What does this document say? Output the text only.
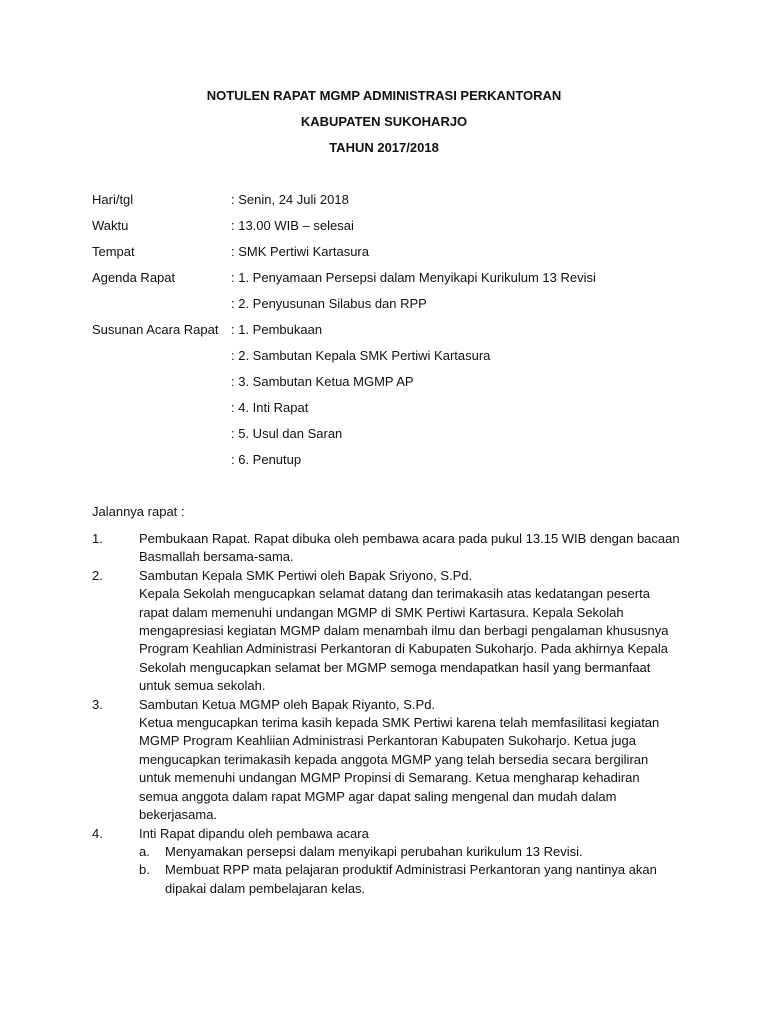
NOTULEN RAPAT MGMP ADMINISTRASI PERKANTORAN
KABUPATEN SUKOHARJO
TAHUN 2017/2018
Hari/tgl	: Senin, 24 Juli 2018
Waktu	: 13.00 WIB – selesai
Tempat	: SMK Pertiwi Kartasura
Agenda Rapat	: 1. Penyamaan Persepsi dalam Menyikapi Kurikulum 13 Revisi
: 2. Penyusunan Silabus dan RPP
Susunan Acara Rapat : 1. Pembukaan
: 2. Sambutan Kepala SMK Pertiwi Kartasura
: 3. Sambutan Ketua MGMP AP
: 4. Inti Rapat
: 5. Usul dan Saran
: 6. Penutup
Jalannya rapat :
1.	Pembukaan Rapat. Rapat dibuka oleh pembawa acara pada pukul 13.15 WIB dengan bacaan
Basmallah bersama-sama.
2.	Sambutan Kepala SMK Pertiwi oleh Bapak Sriyono, S.Pd.
Kepala Sekolah mengucapkan selamat datang dan terimakasih atas kedatangan peserta
rapat dalam memenuhi undangan MGMP di SMK Pertiwi Kartasura. Kepala Sekolah
mengapresiasi kegiatan MGMP dalam menambah ilmu dan berbagi pengalaman khususnya
Program Keahlian Administrasi Perkantoran di Kabupaten Sukoharjo. Pada akhirnya Kepala
Sekolah mengucapkan selamat ber MGMP semoga mendapatkan hasil yang bermanfaat
untuk semua sekolah.
3.	Sambutan Ketua MGMP oleh Bapak Riyanto, S.Pd.
Ketua mengucapkan terima kasih kepada SMK Pertiwi karena telah memfasilitasi kegiatan
MGMP Program Keahliian Administrasi Perkantoran Kabupaten Sukoharjo. Ketua juga
mengucapkan terimakasih kepada anggota MGMP yang telah bersedia secara bergiliran
untuk memenuhi undangan MGMP Propinsi di Semarang. Ketua mengharap kehadiran
semua anggota dalam rapat MGMP agar dapat saling mengenal dan mudah dalam
bekerjasama.
4.	Inti Rapat dipandu oleh pembawa acara
a.	Menyamakan persepsi dalam menyikapi perubahan kurikulum 13 Revisi.
b.	Membuat RPP mata pelajaran produktif Administrasi Perkantoran yang nantinya akan
dipakai dalam pembelajaran kelas.
